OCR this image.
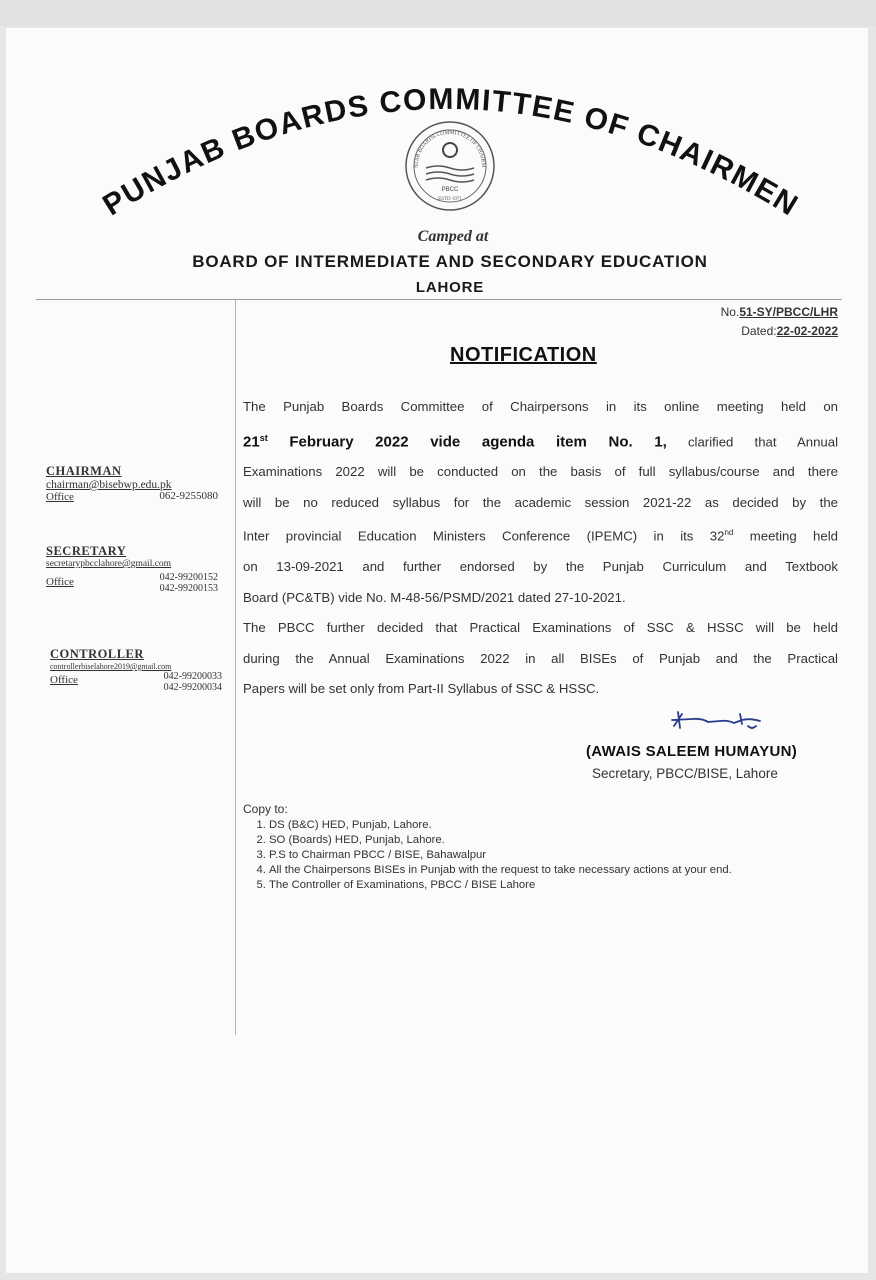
PUNJAB BOARDS COMMITTEE OF CHAIRMEN
NJAB BOARDS COMMITTEE OF CHAIRM
PBCC
ESTD 1971
Camped at
BOARD OF INTERMEDIATE AND SECONDARY EDUCATION
LAHORE
No.51-SY/PBCC/LHR
Dated:22-02-2022
NOTIFICATION
The Punjab Boards Committee of Chairpersons in its online meeting held on
21st February 2022 vide agenda item No. 1, clarified that Annual
Examinations 2022 will be conducted on the basis of full syllabus/course and there
will be no reduced syllabus for the academic session 2021-22 as decided by the
Inter provincial Education Ministers Conference (IPEMC) in its 32nd meeting held
on 13-09-2021 and further endorsed by the Punjab Curriculum and Textbook
Board (PC&TB) vide No. M-48-56/PSMD/2021 dated 27-10-2021.
The PBCC further decided that Practical Examinations of SSC & HSSC will be held
during the Annual Examinations 2022 in all BISEs of Punjab and the Practical
Papers will be set only from Part-II Syllabus of SSC & HSSC.
CHAIRMAN
chairman@bisebwp.edu.pk
Office	062-9255080
SECRETARY
secretarypbcclahore@gmail.com
Office	042-99200152
042-99200153
CONTROLLER
controllerbiselahore2019@gmail.com
Office	042-99200033
042-99200034
(AWAIS SALEEM HUMAYUN)
Secretary, PBCC/BISE, Lahore
Copy to:
1. DS (B&C) HED, Punjab, Lahore.
2. SO (Boards) HED, Punjab, Lahore.
3. P.S to Chairman PBCC / BISE, Bahawalpur
4. All the Chairpersons BISEs in Punjab with the request to take necessary actions at your end.
5. The Controller of Examinations, PBCC / BISE Lahore
